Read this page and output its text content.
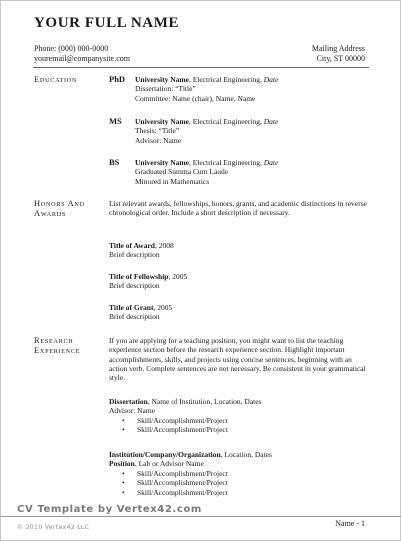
YOUR FULL NAME
Phone: (000) 000-0000
youremail@companysite.com
Mailing Address
City, ST 00000
EDUCATION	PhD University Name, Electrical Engineering, Date
Dissertation: “Title”
Committee: Name (chair), Name, Name
MS University Name, Electrical Engineering, Date
Thesis: “Title”
Advisor: Name
BS University Name, Electrical Engineering, Date
Graduated Summa Cum Laude
Minored in Mathematics
HONORS AND
AWARDS
List relevant awards, fellowships, honors, grants, and academic distinctions in reverse chronological order. Include a short description if necessary.
Title of Award, 2008
Brief description
Title of Fellowship, 2005
Brief description
Title of Grant, 2005
Brief description
RESEARCH
EXPERIENCE
If you are applying for a teaching position, you might want to list the teaching experience section before the research experience section. Highlight important accomplishments, skills, and projects using concise sentences, beginning with an action verb. Complete sentences are not necessary. Be consistent in your grammatical style.
Dissertation, Name of Institution, Location, Dates
Advisor: Name
• Skill/Accomplishment/Project
• Skill/Accomplishment/Project
Institution/Company/Organization, Location, Dates
Position, Lab or Advisor Name
• Skill/Accomplishment/Project
• Skill/Accomplishment/Project
• Skill/Accomplishment/Project
CV Template by Vertex42.com
© 2010 Vertex42 LLC	Name - 1
